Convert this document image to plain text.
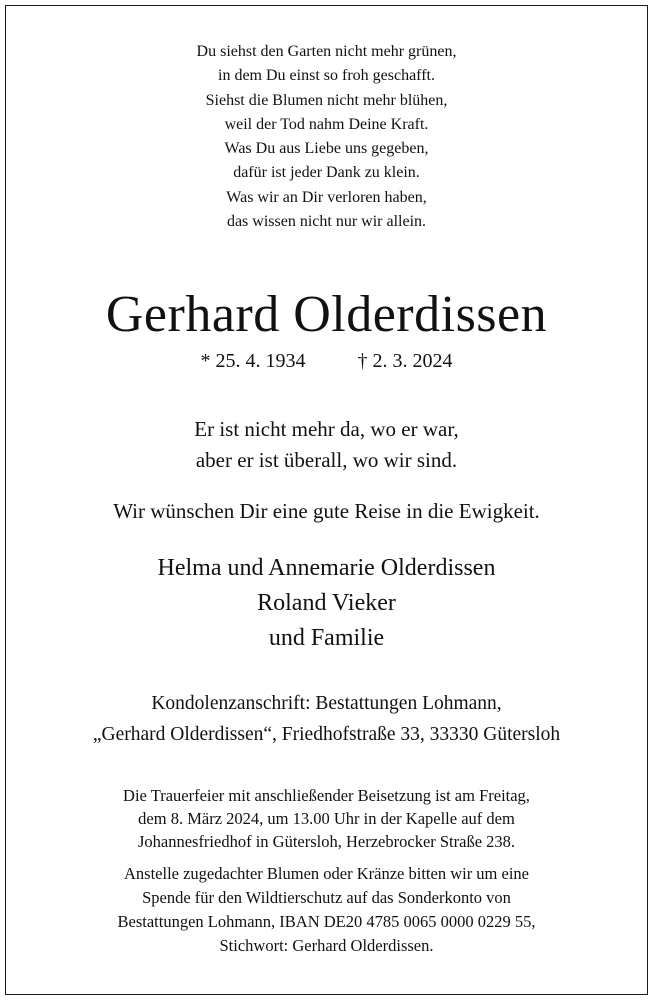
Du siehst den Garten nicht mehr grünen,
in dem Du einst so froh geschafft.
Siehst die Blumen nicht mehr blühen,
weil der Tod nahm Deine Kraft.
Was Du aus Liebe uns gegeben,
dafür ist jeder Dank zu klein.
Was wir an Dir verloren haben,
das wissen nicht nur wir allein.
Gerhard Olderdissen
* 25. 4. 1934	† 2. 3. 2024
Er ist nicht mehr da, wo er war,
aber er ist überall, wo wir sind.
Wir wünschen Dir eine gute Reise in die Ewigkeit.
Helma und Annemarie Olderdissen
Roland Vieker
und Familie
Kondolenzanschrift: Bestattungen Lohmann,
„Gerhard Olderdissen“, Friedhofstraße 33, 33330 Gütersloh
Die Trauerfeier mit anschließender Beisetzung ist am Freitag,
dem 8. März 2024, um 13.00 Uhr in der Kapelle auf dem
Johannesfriedhof in Gütersloh, Herzebrocker Straße 238.
Anstelle zugedachter Blumen oder Kränze bitten wir um eine
Spende für den Wildtierschutz auf das Sonderkonto von
Bestattungen Lohmann, IBAN DE20 4785 0065 0000 0229 55,
Stichwort: Gerhard Olderdissen.
